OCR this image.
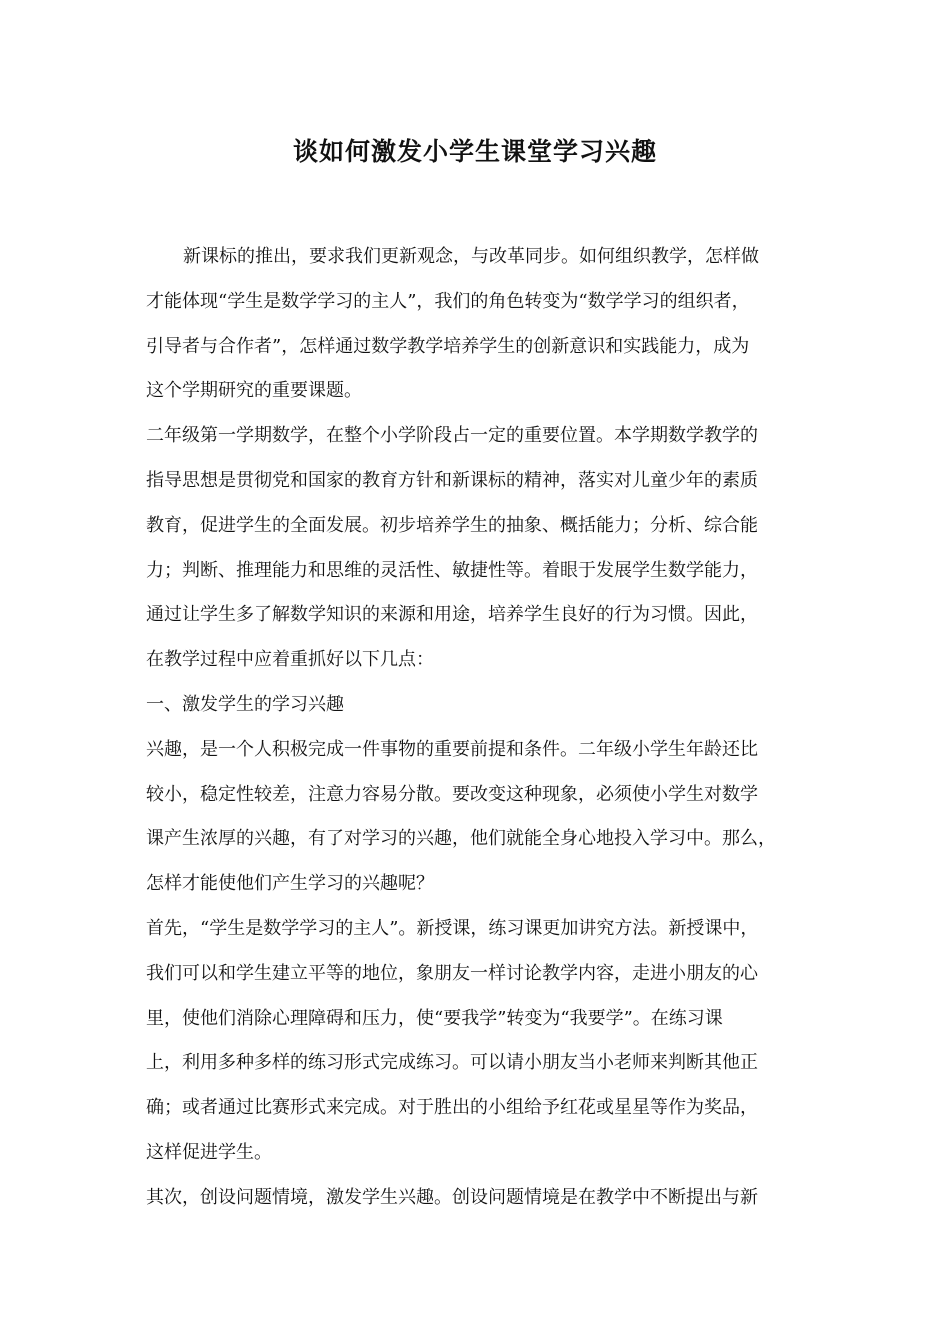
谈如何激发小学生课堂学习兴趣
新课标的推出，要求我们更新观念，与改革同步。如何组织教学，怎样做
才能体现“学生是数学学习的主人”，我们的角色转变为“数学学习的组织者，
引导者与合作者”，怎样通过数学教学培养学生的创新意识和实践能力，成为
这个学期研究的重要课题。
二年级第一学期数学，在整个小学阶段占一定的重要位置。本学期数学教学的
指导思想是贯彻党和国家的教育方针和新课标的精神，落实对儿童少年的素质
教育，促进学生的全面发展。初步培养学生的抽象、概括能力；分析、综合能
力；判断、推理能力和思维的灵活性、敏捷性等。着眼于发展学生数学能力，
通过让学生多了解数学知识的来源和用途，培养学生良好的行为习惯。因此，
在教学过程中应着重抓好以下几点：
一、激发学生的学习兴趣
兴趣，是一个人积极完成一件事物的重要前提和条件。二年级小学生年龄还比
较小，稳定性较差，注意力容易分散。要改变这种现象，必须使小学生对数学
课产生浓厚的兴趣，有了对学习的兴趣，他们就能全身心地投入学习中。那么，
怎样才能使他们产生学习的兴趣呢？
首先，“学生是数学学习的主人”。新授课，练习课更加讲究方法。新授课中，
我们可以和学生建立平等的地位，象朋友一样讨论教学内容，走进小朋友的心
里，使他们消除心理障碍和压力，使“要我学”转变为“我要学”。在练习课
上，利用多种多样的练习形式完成练习。可以请小朋友当小老师来判断其他正
确；或者通过比赛形式来完成。对于胜出的小组给予红花或星星等作为奖品，
这样促进学生。
其次，创设问题情境，激发学生兴趣。创设问题情境是在教学中不断提出与新
